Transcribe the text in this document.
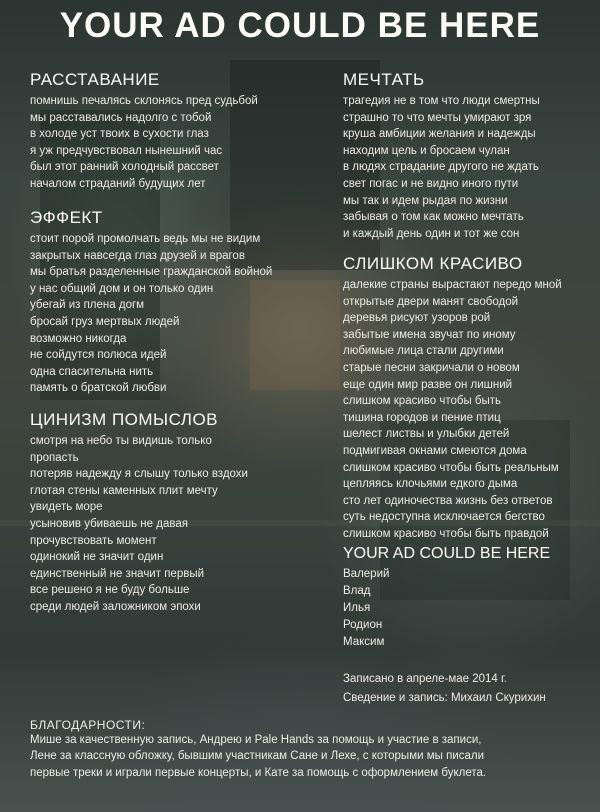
YOUR AD COULD BE HERE
РАССТАВАНИЕ
помнишь печалясь склонясь пред судьбой
мы расставались надолго с тобой
в холоде уст твоих в сухости глаз
я уж предчувствовал нынешний час
был этот ранний холодный рассвет
началом страданий будущих лет
ЭФФЕКТ
стоит порой промолчать ведь мы не видим
закрытых навсегда глаз друзей и врагов
мы братья разделенные гражданской войной
у нас общий дом и он только один
убегай из плена догм
бросай груз мертвых людей
возможно никогда
не сойдутся полюса идей
одна спасительна нить
память о братской любви
ЦИНИЗМ ПОМЫСЛОВ
смотря на небо ты видишь только
пропасть
потеряв надежду я слышу только вздохи
глотая стены каменных плит мечту
увидеть море
усыновив убиваешь не давая
прочувствовать момент
одинокий не значит один
единственный не значит первый
все решено я не буду больше
среди людей заложником эпохи
МЕЧТАТЬ
трагедия не в том что люди смертны
страшно то что мечты умирают зря
круша амбиции желания и надежды
находим цель и бросаем чулан
в людях страдание другого не ждать
свет погас и не видно иного пути
мы так и идем рыдая по жизни
забывая о том как можно мечтать
и каждый день один и тот же сон
СЛИШКОМ КРАСИВО
далекие страны вырастают передо мной
открытые двери манят свободой
деревья рисуют узоров рой
забытые имена звучат по иному
любимые лица стали другими
старые песни закричали о новом
еще один мир разве он лишний
слишком красиво чтобы быть
тишина городов и пение птиц
шелест листвы и улыбки детей
подмигивая окнами смеются дома
слишком красиво чтобы быть реальным
цепляясь клочьями едкого дыма
сто лет одиночества жизнь без ответов
суть недоступна исключается бегство
слишком красиво чтобы быть правдой
YOUR AD COULD BE HERE
Валерий
Влад
Илья
Родион
Максим
Записано в апреле-мае 2014 г.
Сведение и запись: Михаил Скурихин
БЛАГОДАРНОСТИ:
Мише за качественную запись, Андрею и Pale Hands за помощь и участие в записи,
Лене за классную обложку, бывшим участникам Сане и Лехе, с которыми мы писали
первые треки и играли первые концерты, и Кате за помощь с оформлением буклета.
